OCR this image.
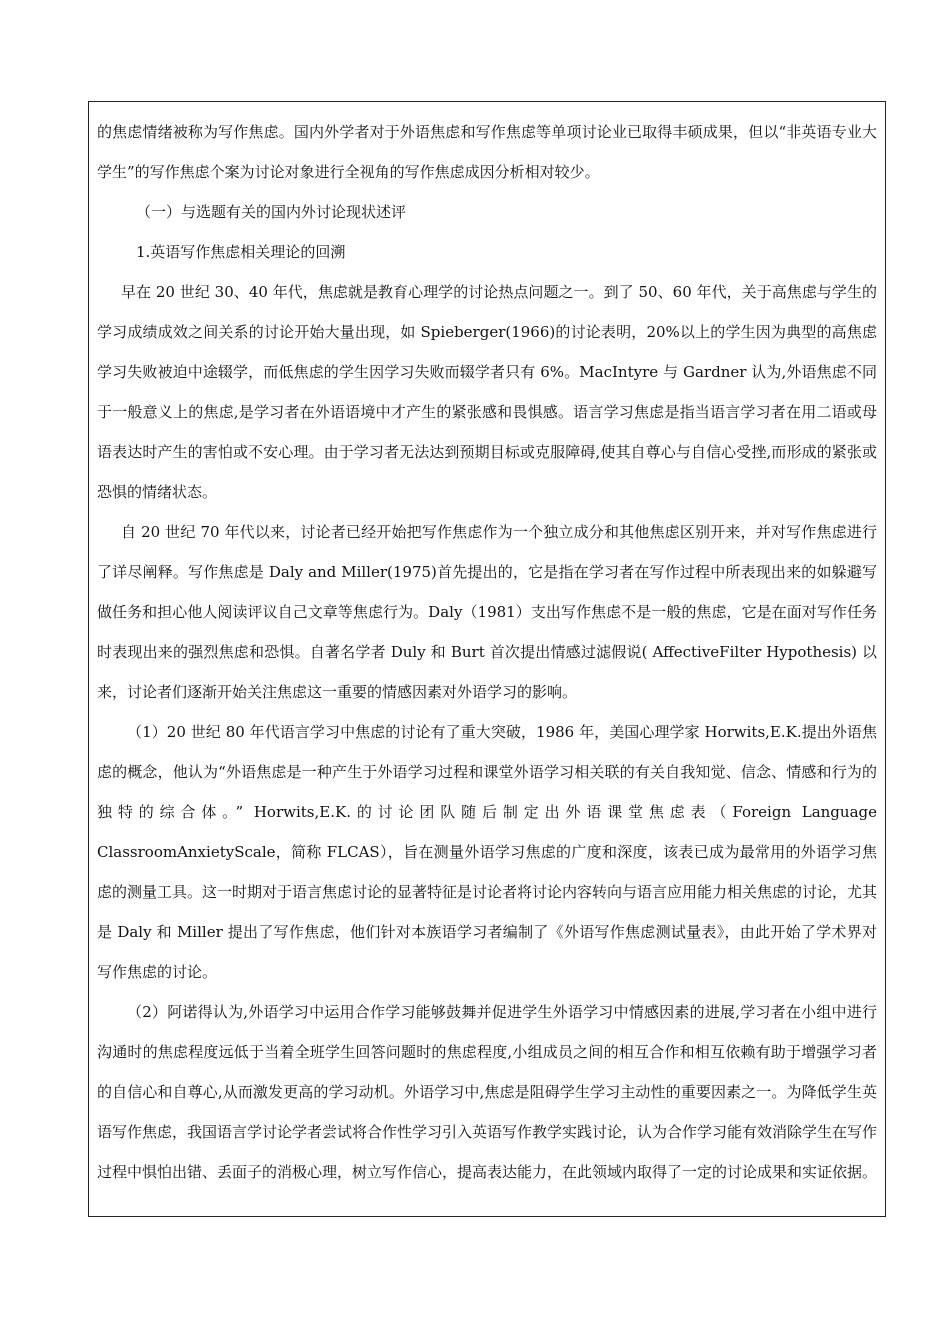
的焦虑情绪被称为写作焦虑。国内外学者对于外语焦虑和写作焦虑等单项讨论业已取得丰硕成果，但以“非英语专业大学生”的写作焦虑个案为讨论对象进行全视角的写作焦虑成因分析相对较少。

（一）与选题有关的国内外讨论现状述评

1.英语写作焦虑相关理论的回溯

早在 20 世纪 30、40 年代，焦虑就是教育心理学的讨论热点问题之一。到了 50、60 年代，关于高焦虑与学生的学习成绩成效之间关系的讨论开始大量出现，如 Spieberger(1966)的讨论表明，20%以上的学生因为典型的高焦虑学习失败被迫中途辍学，而低焦虑的学生因学习失败而辍学者只有 6%。MacIntyre 与 Gardner 认为,外语焦虑不同于一般意义上的焦虑,是学习者在外语语境中才产生的紧张感和畏惧感。语言学习焦虑是指当语言学习者在用二语或母语表达时产生的害怕或不安心理。由于学习者无法达到预期目标或克服障碍,使其自尊心与自信心受挫,而形成的紧张或恐惧的情绪状态。

自 20 世纪 70 年代以来，讨论者已经开始把写作焦虑作为一个独立成分和其他焦虑区别开来，并对写作焦虑进行了详尽阐释。写作焦虑是 Daly and Miller(1975)首先提出的，它是指在学习者在写作过程中所表现出来的如躲避写做任务和担心他人阅读评议自己文章等焦虑行为。Daly（1981）支出写作焦虑不是一般的焦虑，它是在面对写作任务时表现出来的强烈焦虑和恐惧。自著名学者 Duly 和 Burt 首次提出情感过滤假说( AffectiveFilter Hypothesis) 以来，讨论者们逐渐开始关注焦虑这一重要的情感因素对外语学习的影响。

（1）20 世纪 80 年代语言学习中焦虑的讨论有了重大突破，1986 年，美国心理学家 Horwits,E.K.提出外语焦虑的概念，他认为“外语焦虑是一种产生于外语学习过程和课堂外语学习相关联的有关自我知觉、信念、情感和行为的独特的综合体。” Horwits,E.K.的讨论团队随后制定出外语课堂焦虑表（Foreign Language ClassroomAnxietyScale，简称 FLCAS），旨在测量外语学习焦虑的广度和深度，该表已成为最常用的外语学习焦虑的测量工具。这一时期对于语言焦虑讨论的显著特征是讨论者将讨论内容转向与语言应用能力相关焦虑的讨论，尤其是 Daly 和 Miller 提出了写作焦虑，他们针对本族语学习者编制了《外语写作焦虑测试量表》，由此开始了学术界对写作焦虑的讨论。

（2）阿诺得认为,外语学习中运用合作学习能够鼓舞并促进学生外语学习中情感因素的进展,学习者在小组中进行沟通时的焦虑程度远低于当着全班学生回答问题时的焦虑程度,小组成员之间的相互合作和相互依赖有助于增强学习者的自信心和自尊心,从而激发更高的学习动机。外语学习中,焦虑是阻碍学生学习主动性的重要因素之一。为降低学生英语写作焦虑，我国语言学讨论学者尝试将合作性学习引入英语写作教学实践讨论，认为合作学习能有效消除学生在写作过程中惧怕出错、丢面子的消极心理，树立写作信心，提高表达能力，在此领域内取得了一定的讨论成果和实证依据。
